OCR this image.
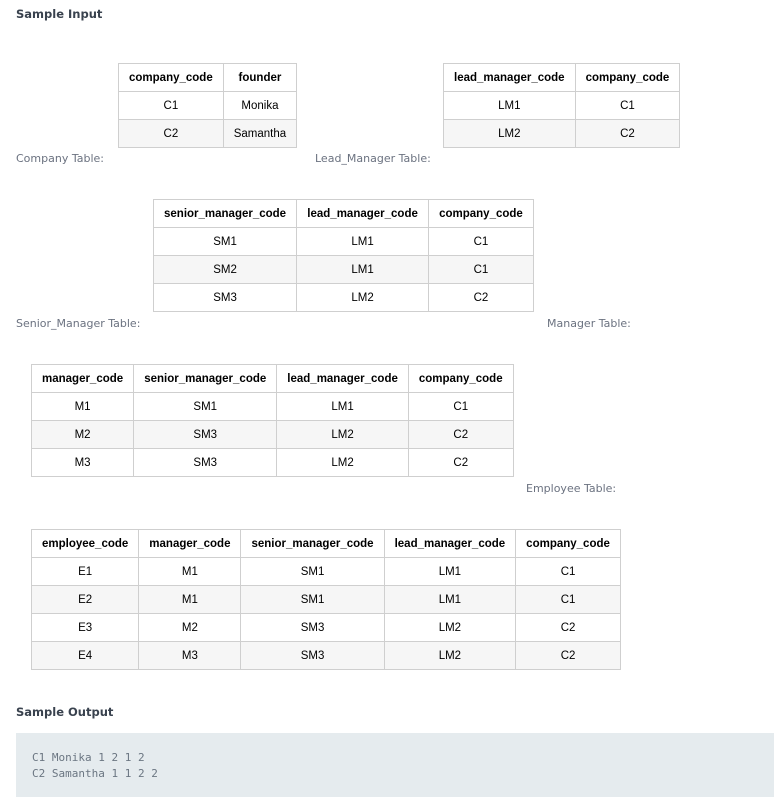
Sample Input
company_code	founder
C1	Monika
C2	Samantha

Company Table:

lead_manager_code	company_code
LM1	C1
LM2	C2

Lead_Manager Table:

senior_manager_code	lead_manager_code	company_code
SM1	LM1	C1
SM2	LM1	C1
SM3	LM2	C2

Senior_Manager Table:	Manager Table:

manager_code	senior_manager_code	lead_manager_code	company_code
M1	SM1	LM1	C1
M2	SM3	LM2	C2
M3	SM3	LM2	C2

Employee Table:

employee_code	manager_code	senior_manager_code	lead_manager_code	company_code
E1	M1	SM1	LM1	C1
E2	M1	SM1	LM1	C1
E3	M2	SM3	LM2	C2
E4	M3	SM3	LM2	C2
Sample Output
C1 Monika 1 2 1 2
C2 Samantha 1 1 2 2
